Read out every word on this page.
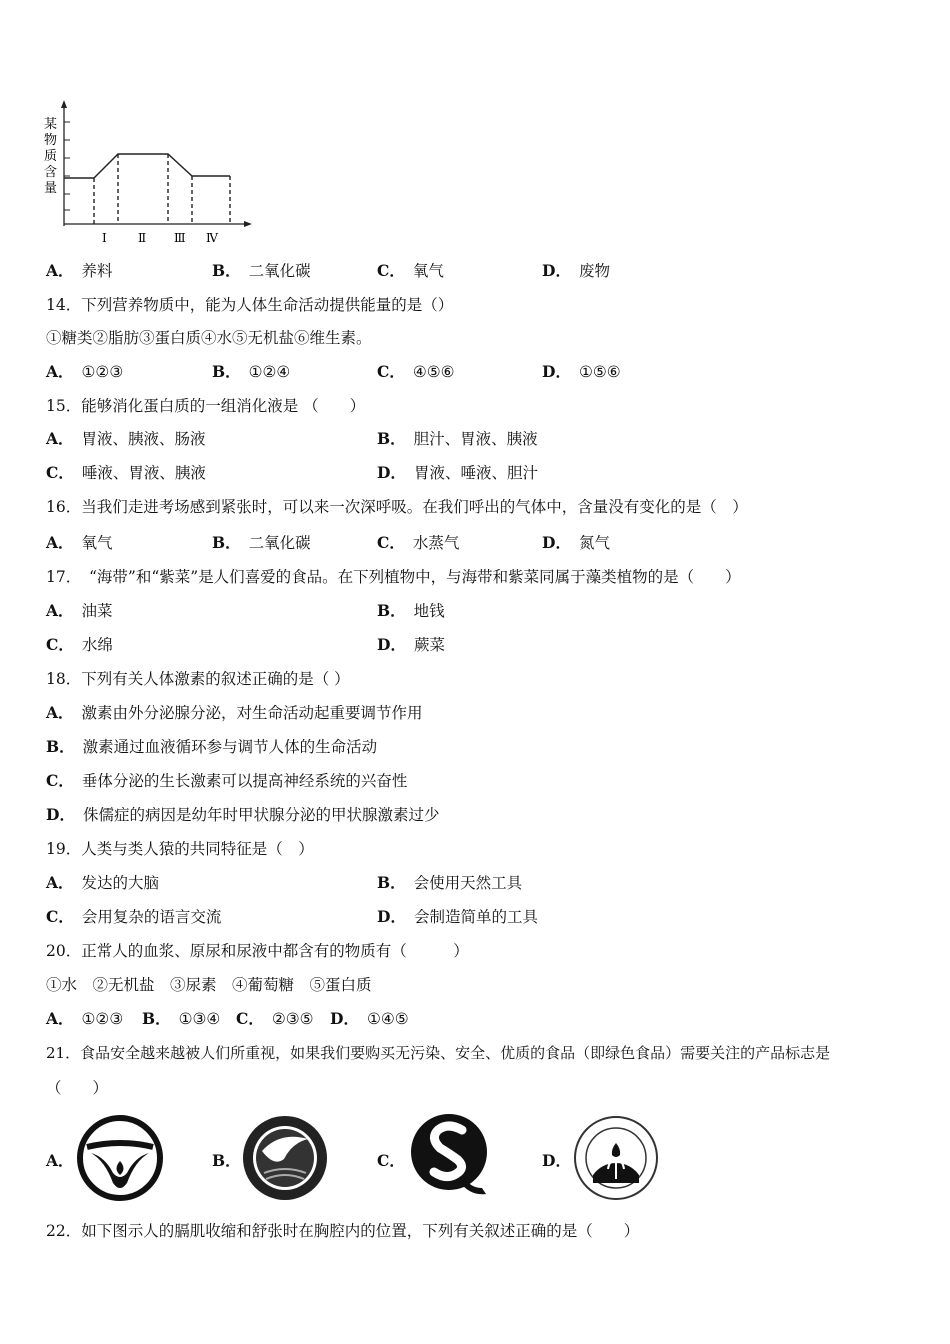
某
物
质
含
量
Ⅰ	Ⅱ Ⅲ Ⅳ
A． 养料	B． 二氧化碳	C． 氧气	D． 废物
14．下列营养物质中，能为人体生命活动提供能量的是（）
①糖类②脂肪③蛋白质④水⑤无机盐⑥维生素。
A． ①②③	B． ①②④	C． ④⑤⑥	D． ①⑤⑥
15．能够消化蛋白质的一组消化液是 （　　）
A． 胃液、胰液、肠液	B． 胆汁、胃液、胰液
C． 唾液、胃液、胰液	D． 胃液、唾液、胆汁
16．当我们走进考场感到紧张时，可以来一次深呼吸。在我们呼出的气体中，含量没有变化的是（　）
A． 氧气	B． 二氧化碳	C． 水蒸气	D． 氮气
17．　“海带”和“紫菜”是人们喜爱的食品。在下列植物中，与海带和紫菜同属于藻类植物的是（　　）
A． 油菜	B． 地钱
C． 水绵	D． 蕨菜
18．下列有关人体激素的叙述正确的是（ ）
A． 激素由外分泌腺分泌，对生命活动起重要调节作用
B． 激素通过血液循环参与调节人体的生命活动
C． 垂体分泌的生长激素可以提高神经系统的兴奋性
D． 侏儒症的病因是幼年时甲状腺分泌的甲状腺激素过少
19．人类与类人猿的共同特征是（　）
A． 发达的大脑	B． 会使用天然工具
C． 会用复杂的语言交流	D． 会制造简单的工具
20．正常人的血浆、原尿和尿液中都含有的物质有（　　　）
①水　②无机盐　③尿素　④葡萄糖　⑤蛋白质
A． ①②③ B． ①③④ C． ②③⑤ D． ①④⑤
21．食品安全越来越被人们所重视，如果我们要购买无污染、安全、优质的食品（即绿色食品）需要关注的产品标志是
（　　）
A．	B．	C．	D．
22．如下图示人的膈肌收缩和舒张时在胸腔内的位置，下列有关叙述正确的是（　　）
